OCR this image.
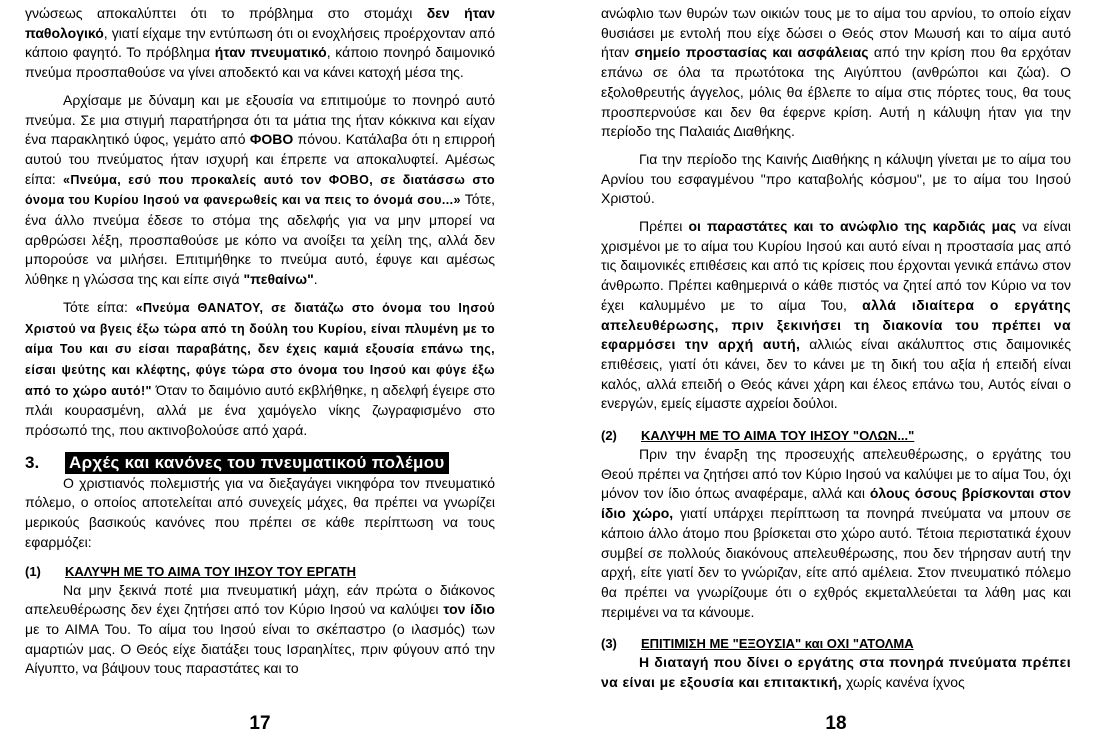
γνώσεως αποκαλύπτει ότι το πρόβλημα στο στομάχι δεν ήταν παθολογικό, γιατί είχαμε την εντύπωση ότι οι ενοχλήσεις προέρχονταν από κάποιο φαγητό. Το πρόβλημα ήταν πνευματικό, κάποιο πονηρό δαιμονικό πνεύμα προσπαθούσε να γίνει αποδεκτό και να κάνει κατοχή μέσα της.

Αρχίσαμε με δύναμη και με εξουσία να επιτιμούμε το πονηρό αυτό πνεύμα. Σε μια στιγμή παρατήρησα ότι τα μάτια της ήταν κόκκινα και είχαν ένα παρακλητικό ύφος, γεμάτο από ΦΟΒΟ πόνου. Κατάλαβα ότι η επιρροή αυτού του πνεύματος ήταν ισχυρή και έπρεπε να αποκαλυφτεί. Αμέσως είπα: «Πνεύμα, εσύ που προκαλείς αυτό τον ΦΟΒΟ, σε διατάσσω στο όνομα του Κυρίου Ιησού να φανερωθείς και να πεις το όνομά σου...» Τότε, ένα άλλο πνεύμα έδεσε το στόμα της αδελφής για να μην μπορεί να αρθρώσει λέξη, προσπαθούσε με κόπο να ανοίξει τα χείλη της, αλλά δεν μπορούσε να μιλήσει. Επιτιμήθηκε το πνεύμα αυτό, έφυγε και αμέσως λύθηκε η γλώσσα της και είπε σιγά "πεθαίνω".

Τότε είπα: «Πνεύμα ΘΑΝΑΤΟΥ, σε διατάζω στο όνομα του Ιησού Χριστού να βγεις έξω τώρα από τη δούλη του Κυρίου, είναι πλυμένη με το αίμα Του και συ είσαι παραβάτης, δεν έχεις καμιά εξουσία επάνω της, είσαι ψεύτης και κλέφτης, φύγε τώρα στο όνομα του Ιησού και φύγε έξω από το χώρο αυτό!" Όταν το δαιμόνιο αυτό εκβλήθηκε, η αδελφή έγειρε στο πλάι κουρασμένη, αλλά με ένα χαμόγελο νίκης ζωγραφισμένο στο πρόσωπό της, που ακτινοβολούσε από χαρά.

3.	Αρχές και κανόνες του πνευματικού πολέμου

Ο χριστιανός πολεμιστής για να διεξαγάγει νικηφόρα τον πνευματικό πόλεμο, ο οποίος αποτελείται από συνεχείς μάχες, θα πρέπει να γνωρίζει μερικούς βασικούς κανόνες που πρέπει σε κάθε περίπτωση να τους εφαρμόζει:

(1)	ΚΑΛΥΨΗ ΜΕ ΤΟ ΑΙΜΑ ΤΟΥ ΙΗΣΟΥ ΤΟΥ ΕΡΓΑΤΗ

Να μην ξεκινά ποτέ μια πνευματική μάχη, εάν πρώτα ο διάκονος απελευθέρωσης δεν έχει ζητήσει από τον Κύριο Ιησού να καλύψει τον ίδιο με το ΑΙΜΑ Του. Το αίμα του Ιησού είναι το σκέπαστρο (ο ιλασμός) των αμαρτιών μας. Ο Θεός είχε διατάξει τους Ισραηλίτες, πριν φύγουν από την Αίγυπτο, να βάψουν τους παραστάτες και το

17

ανώφλιο των θυρών των οικιών τους με το αίμα του αρνίου, το οποίο είχαν θυσιάσει με εντολή που είχε δώσει ο Θεός στον Μωυσή και το αίμα αυτό ήταν σημείο προστασίας και ασφάλειας από την κρίση που θα ερχόταν επάνω σε όλα τα πρωτότοκα της Αιγύπτου (ανθρώποι και ζώα). Ο εξολοθρευτής άγγελος, μόλις θα έβλεπε το αίμα στις πόρτες τους, θα τους προσπερνούσε και δεν θα έφερνε κρίση. Αυτή η κάλυψη ήταν για την περίοδο της Παλαιάς Διαθήκης.

Για την περίοδο της Καινής Διαθήκης η κάλυψη γίνεται με το αίμα του Αρνίου του εσφαγμένου "προ καταβολής κόσμου", με το αίμα του Ιησού Χριστού.

Πρέπει οι παραστάτες και το ανώφλιο της καρδιάς μας να είναι χρισμένοι με το αίμα του Κυρίου Ιησού και αυτό είναι η προστασία μας από τις δαιμονικές επιθέσεις και από τις κρίσεις που έρχονται γενικά επάνω στον άνθρωπο. Πρέπει καθημερινά ο κάθε πιστός να ζητεί από τον Κύριο να τον έχει καλυμμένο με το αίμα Του, αλλά ιδιαίτερα ο εργάτης απελευθέρωσης, πριν ξεκινήσει τη διακονία του πρέπει να εφαρμόσει την αρχή αυτή, αλλιώς είναι ακάλυπτος στις δαιμονικές επιθέσεις, γιατί ότι κάνει, δεν το κάνει με τη δική του αξία ή επειδή είναι καλός, αλλά επειδή ο Θεός κάνει χάρη και έλεος επάνω του, Αυτός είναι ο ενεργών, εμείς είμαστε αχρείοι δούλοι.

(2)	ΚΑΛΥΨΗ ΜΕ ΤΟ ΑΙΜΑ ΤΟΥ ΙΗΣΟΥ "ΟΛΩΝ..."

Πριν την έναρξη της προσευχής απελευθέρωσης, ο εργάτης του Θεού πρέπει να ζητήσει από τον Κύριο Ιησού να καλύψει με το αίμα Του, όχι μόνον τον ίδιο όπως αναφέραμε, αλλά και όλους όσους βρίσκονται στον ίδιο χώρο, γιατί υπάρχει περίπτωση τα πονηρά πνεύματα να μπουν σε κάποιο άλλο άτομο που βρίσκεται στο χώρο αυτό. Τέτοια περιστατικά έχουν συμβεί σε πολλούς διακόνους απελευθέρωσης, που δεν τήρησαν αυτή την αρχή, είτε γιατί δεν το γνώριζαν, είτε από αμέλεια. Στον πνευματικό πόλεμο θα πρέπει να γνωρίζουμε ότι ο εχθρός εκμεταλλεύεται τα λάθη μας και περιμένει να τα κάνουμε.

(3)	ΕΠΙΤΙΜΙΣΗ ΜΕ "ΕΞΟΥΣΙΑ" και ΟΧΙ "ΑΤΟΛΜΑ

Η διαταγή που δίνει ο εργάτης στα πονηρά πνεύματα πρέπει να είναι με εξουσία και επιτακτική, χωρίς κανένα ίχνος

18
